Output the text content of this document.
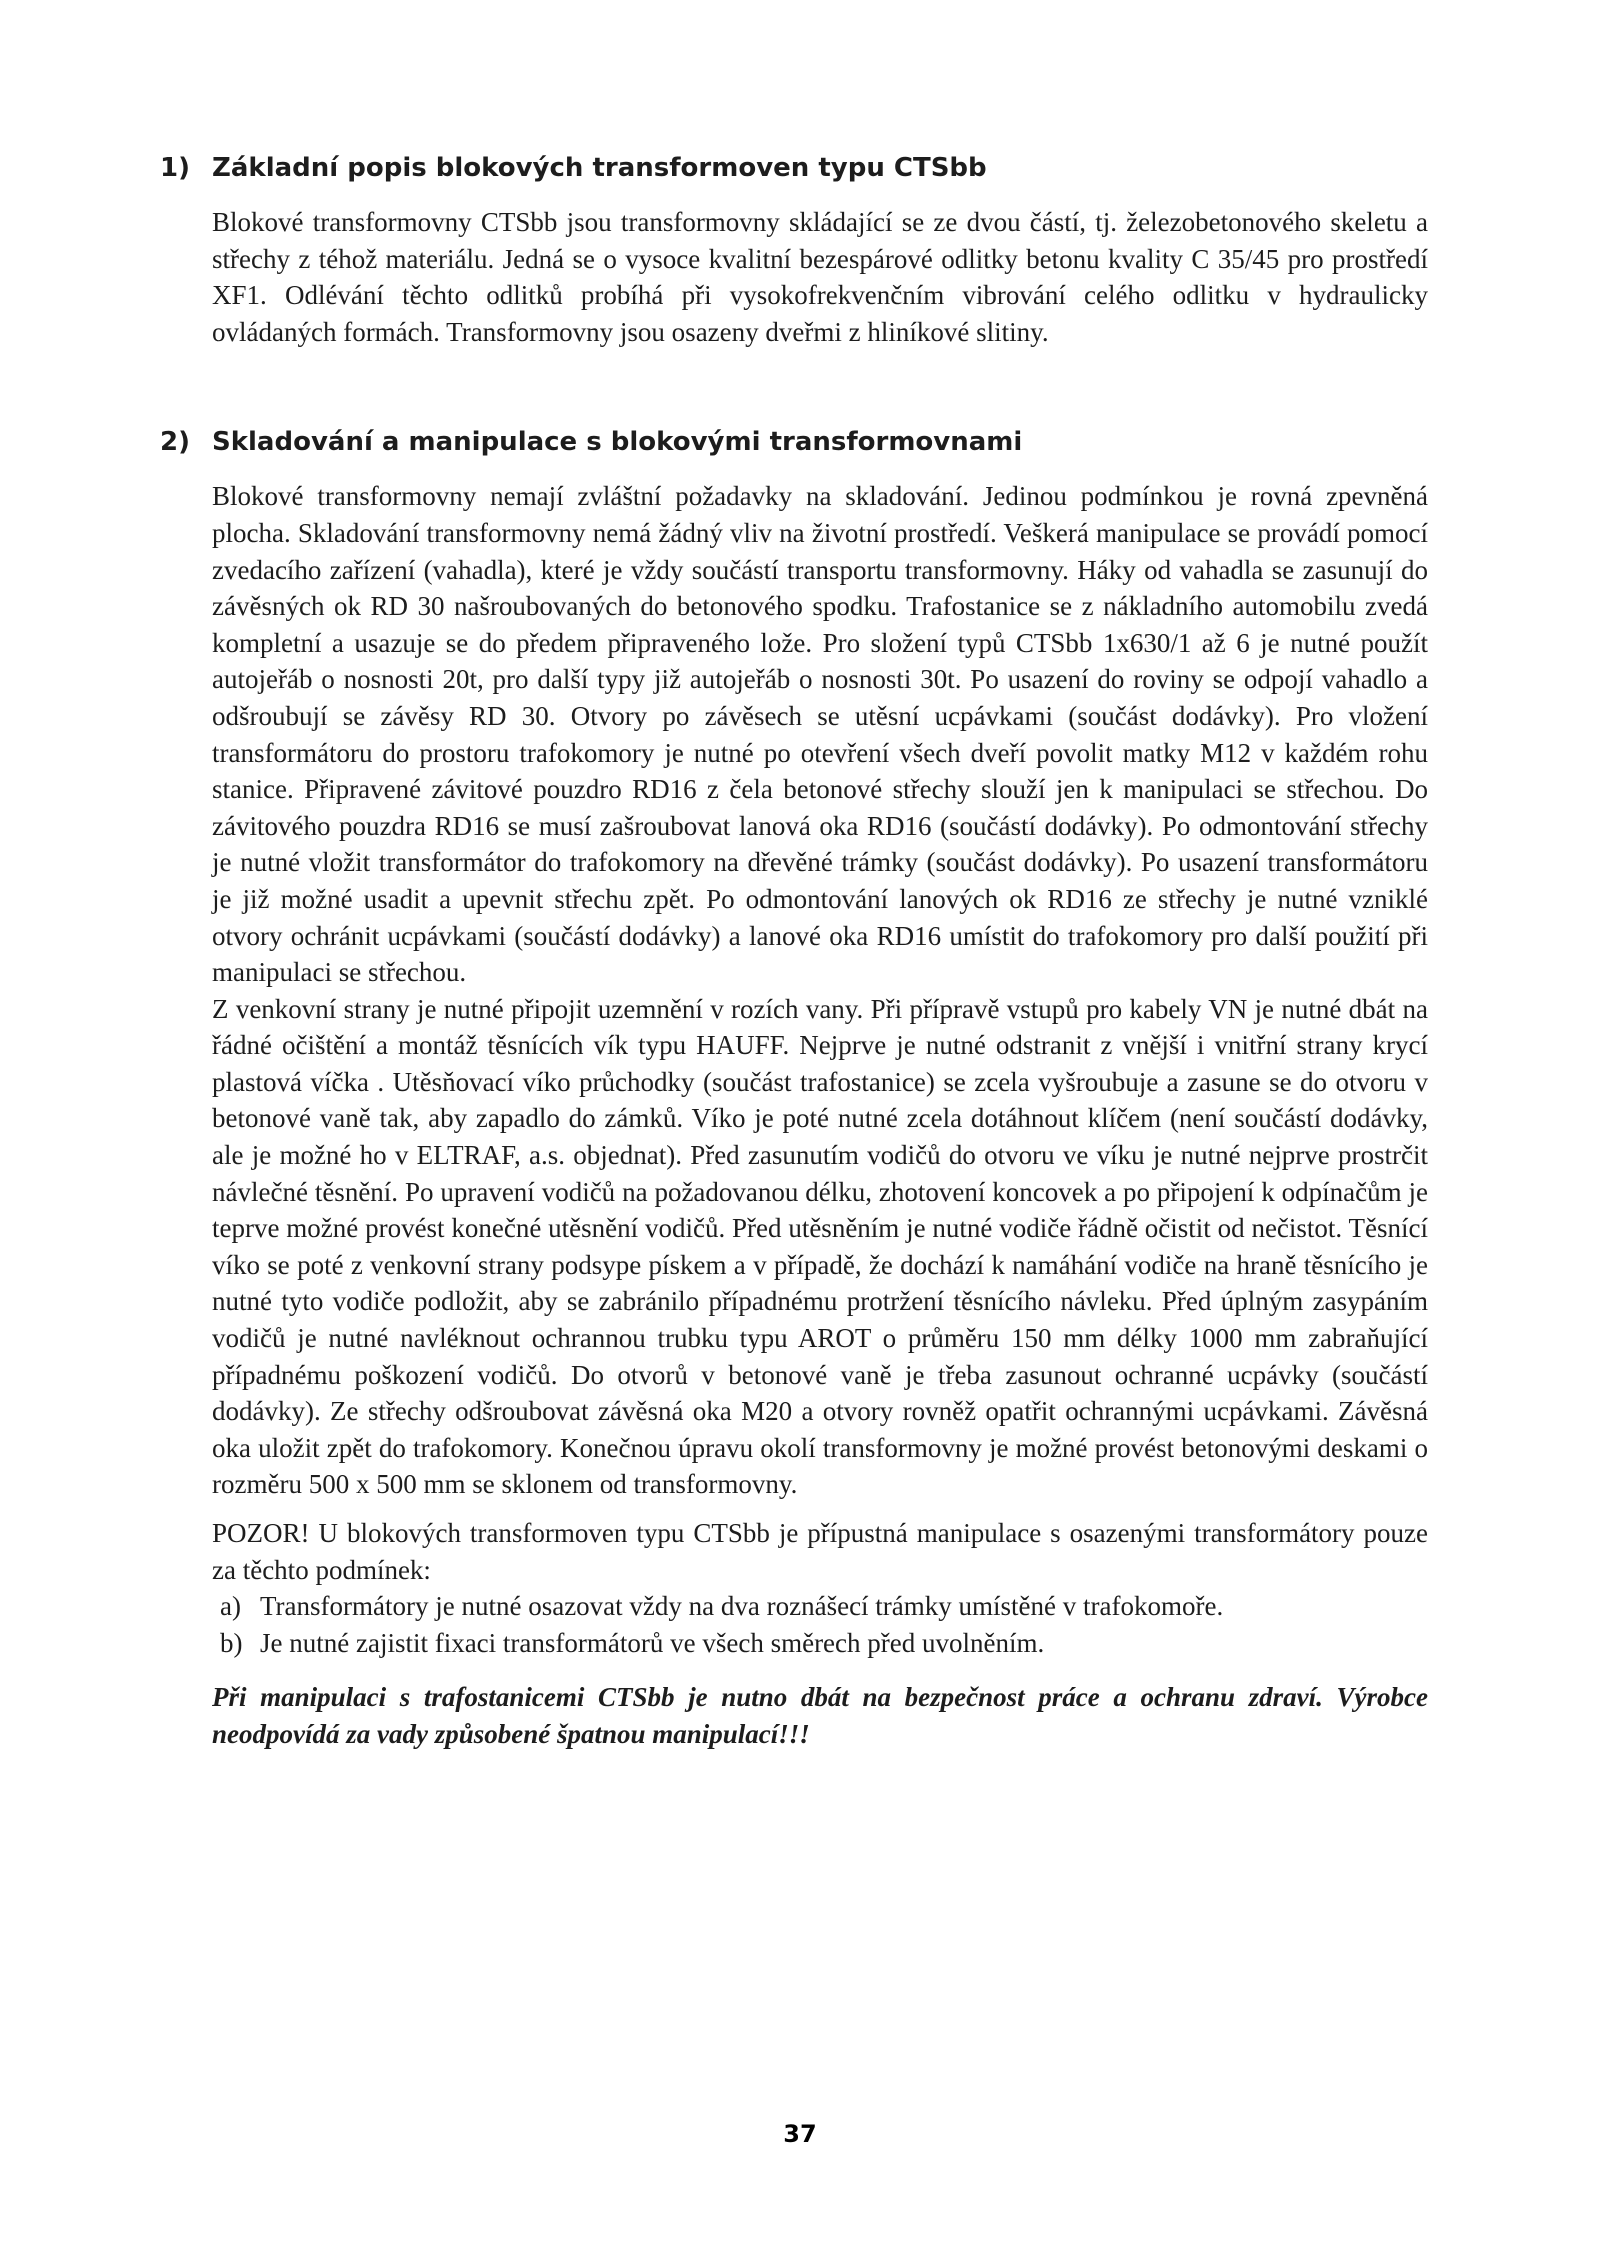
1) Základní popis blokových transformoven typu CTSbb

Blokové transformovny CTSbb jsou transformovny skládající se ze dvou částí, tj. železobetonového skeletu a střechy z téhož materiálu. Jedná se o vysoce kvalitní bezespárové odlitky betonu kvality C 35/45 pro prostředí XF1. Odlévání těchto odlitků probíhá při vysokofrekvenčním vibrování celého odlitku v hydraulicky ovládaných formách. Transformovny jsou osazeny dveřmi z hliníkové slitiny.

2) Skladování a manipulace s blokovými transformovnami

Blokové transformovny nemají zvláštní požadavky na skladování. Jedinou podmínkou je rovná zpevněná plocha. Skladování transformovny nemá žádný vliv na životní prostředí. Veškerá manipulace se provádí pomocí zvedacího zařízení (vahadla), které je vždy součástí transportu transformovny. Háky od vahadla se zasunují do závěsných ok RD 30 našroubovaných do betonového spodku. Trafostanice se z nákladního automobilu zvedá kompletní a usazuje se do předem připraveného lože. Pro složení typů CTSbb 1x630/1 až 6 je nutné použít autojeřáb o nosnosti 20t, pro další typy již autojeřáb o nosnosti 30t. Po usazení do roviny se odpojí vahadlo a odšroubují se závěsy RD 30. Otvory po závěsech se utěsní ucpávkami (součást dodávky). Pro vložení transformátoru do prostoru trafokomory je nutné po otevření všech dveří povolit matky M12 v každém rohu stanice. Připravené závitové pouzdro RD16 z čela betonové střechy slouží jen k manipulaci se střechou. Do závitového pouzdra RD16 se musí zašroubovat lanová oka RD16 (součástí dodávky). Po odmontování střechy je nutné vložit transformátor do trafokomory na dřevěné trámky (součást dodávky). Po usazení transformátoru je již možné usadit a upevnit střechu zpět. Po odmontování lanových ok RD16 ze střechy je nutné vzniklé otvory ochránit ucpávkami (součástí dodávky) a lanové oka RD16 umístit do trafokomory pro další použití při manipulaci se střechou.

Z venkovní strany je nutné připojit uzemnění v rozích vany. Při přípravě vstupů pro kabely VN je nutné dbát na řádné očištění a montáž těsnících vík typu HAUFF. Nejprve je nutné odstranit z vnější i vnitřní strany krycí plastová víčka . Utěsňovací víko průchodky (součást trafostanice) se zcela vyšroubuje a zasune se do otvoru v betonové vaně tak, aby zapadlo do zámků. Víko je poté nutné zcela dotáhnout klíčem (není součástí dodávky, ale je možné ho v ELTRAF, a.s. objednat). Před zasunutím vodičů do otvoru ve víku je nutné nejprve prostrčit návlečné těsnění. Po upravení vodičů na požadovanou délku, zhotovení koncovek a po připojení k odpínačům je teprve možné provést konečné utěsnění vodičů. Před utěsněním je nutné vodiče řádně očistit od nečistot. Těsnící víko se poté z venkovní strany podsype pískem a v případě, že dochází k namáhání vodiče na hraně těsnícího je nutné tyto vodiče podložit, aby se zabránilo případnému protržení těsnícího návleku. Před úplným zasypáním vodičů je nutné navléknout ochrannou trubku typu AROT o průměru 150 mm délky 1000 mm zabraňující případnému poškození vodičů. Do otvorů v betonové vaně je třeba zasunout ochranné ucpávky (součástí dodávky). Ze střechy odšroubovat závěsná oka M20 a otvory rovněž opatřit ochrannými ucpávkami. Závěsná oka uložit zpět do trafokomory. Konečnou úpravu okolí transformovny je možné provést betonovými deskami o rozměru 500 x 500 mm se sklonem od transformovny.

POZOR! U blokových transformoven typu CTSbb je přípustná manipulace s osazenými transformátory pouze za těchto podmínek:

a) Transformátory je nutné osazovat vždy na dva roznášecí trámky umístěné v trafokomoře.
b) Je nutné zajistit fixaci transformátorů ve všech směrech před uvolněním.
Při manipulaci s trafostanicemi CTSbb je nutno dbát na bezpečnost práce a ochranu zdraví. Výrobce neodpovídá za vady způsobené špatnou manipulací!!!
37
